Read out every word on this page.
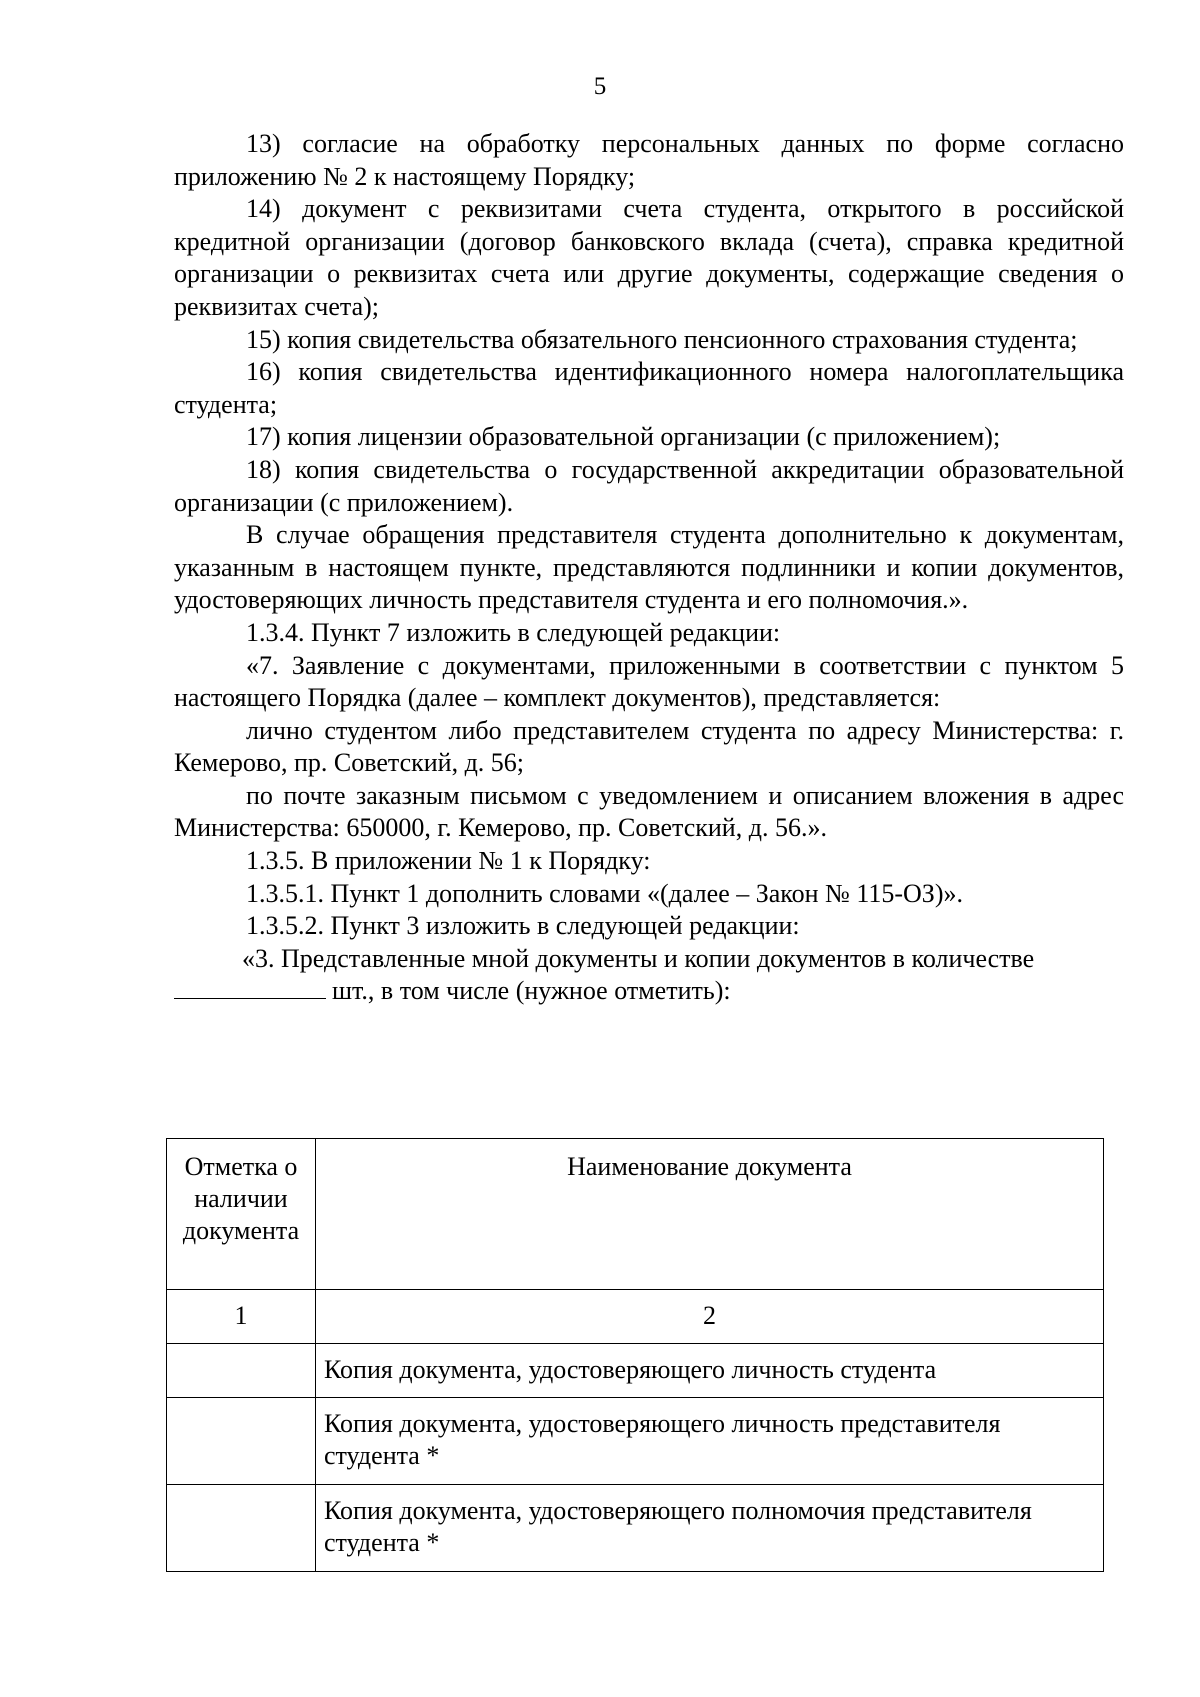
5

13) согласие на обработку персональных данных по форме согласно приложению № 2 к настоящему Порядку;

14) документ с реквизитами счета студента, открытого в российской кредитной организации (договор банковского вклада (счета), справка кредитной организации о реквизитах счета или другие документы, содержащие сведения о реквизитах счета);

15) копия свидетельства обязательного пенсионного страхования студента;

16) копия свидетельства идентификационного номера налогоплательщика студента;

17) копия лицензии образовательной организации (с приложением);

18) копия свидетельства о государственной аккредитации образовательной организации (с приложением).

В случае обращения представителя студента дополнительно к документам, указанным в настоящем пункте, представляются подлинники и копии документов, удостоверяющих личность представителя студента и его полномочия.».

1.3.4. Пункт 7 изложить в следующей редакции:

«7. Заявление с документами, приложенными в соответствии с пунктом 5 настоящего Порядка (далее – комплект документов), представляется:

лично студентом либо представителем студента по адресу Министерства: г. Кемерово, пр. Советский, д. 56;

по почте заказным письмом с уведомлением и описанием вложения в адрес Министерства: 650000, г. Кемерово, пр. Советский, д. 56.».

1.3.5. В приложении № 1 к Порядку:

1.3.5.1. Пункт 1 дополнить словами «(далее – Закон № 115-ОЗ)».

1.3.5.2. Пункт 3 изложить в следующей редакции:

«3. Представленные мной документы и копии документов в количестве

шт., в том числе (нужное отметить):

Отметка о наличии документа	Наименование документа
1	2
	Копия документа, удостоверяющего личность студента
	Копия документа, удостоверяющего личность представителя студента *
	Копия документа, удостоверяющего полномочия представителя студента *
